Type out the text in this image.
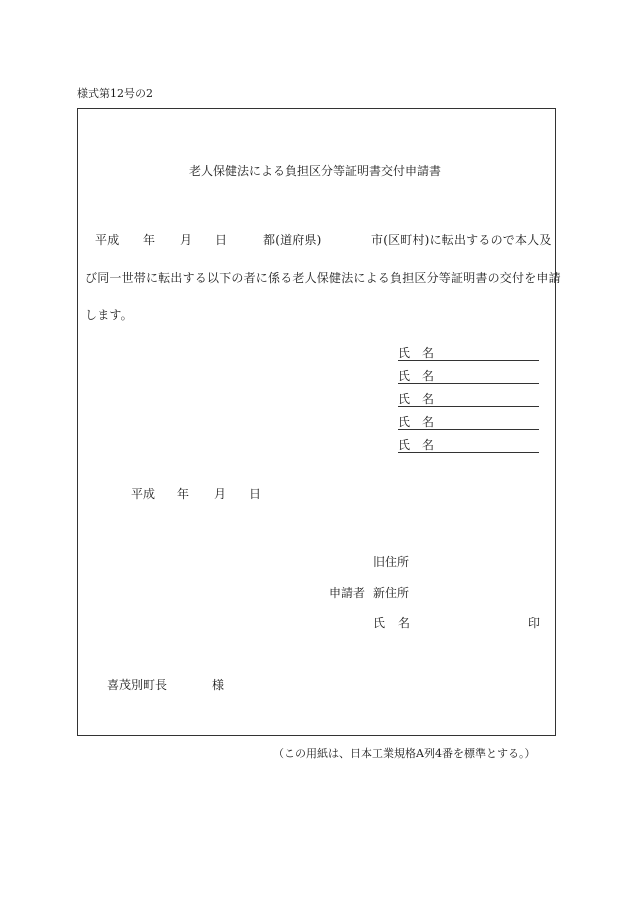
様式第12号の2
老人保健法による負担区分等証明書交付申請書
平成 年 月 日	都(道府県)	市(区町村)に転出するので本人及
び同一世帯に転出する以下の者に係る老人保健法による負担区分等証明書の交付を申請
します。
氏 名
氏 名
氏 名
氏 名
氏 名
平成 年 月 日
旧住所
申請者 新住所
氏 名	印
喜茂別町長	様
（この用紙は、日本工業規格A列4番を標準とする。）
